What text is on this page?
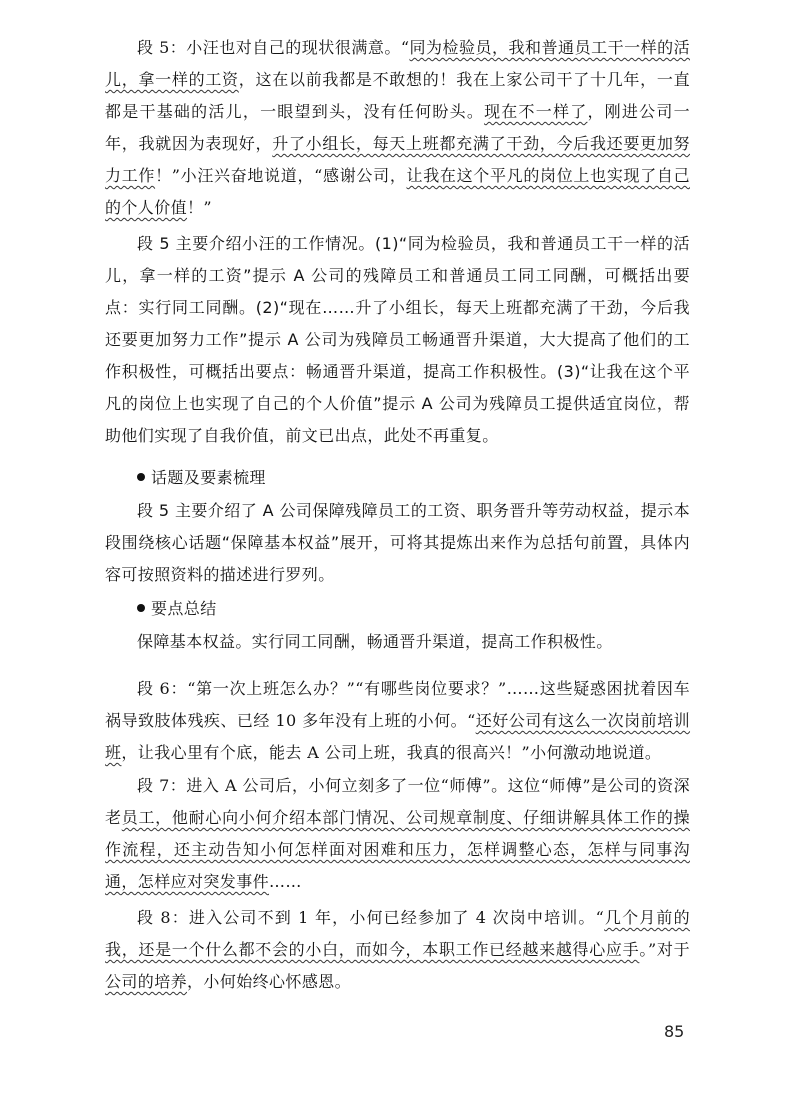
段 5：小汪也对自己的现状很满意。“同为检验员，我和普通员工干一样的活儿，拿一样的工资，这在以前我都是不敢想的！我在上家公司干了十几年，一直都是干基础的活儿，一眼望到头，没有任何盼头。现在不一样了，刚进公司一年，我就因为表现好，升了小组长，每天上班都充满了干劲，今后我还要更加努力工作！”小汪兴奋地说道，“感谢公司，让我在这个平凡的岗位上也实现了自己的个人价值！”

段 5 主要介绍小汪的工作情况。(1)“同为检验员，我和普通员工干一样的活儿，拿一样的工资”提示 A 公司的残障员工和普通员工同工同酬，可概括出要点：实行同工同酬。(2)“现在……升了小组长，每天上班都充满了干劲，今后我还要更加努力工作”提示 A 公司为残障员工畅通晋升渠道，大大提高了他们的工作积极性，可概括出要点：畅通晋升渠道，提高工作积极性。(3)“让我在这个平凡的岗位上也实现了自己的个人价值”提示 A 公司为残障员工提供适宜岗位，帮助他们实现了自我价值，前文已出点，此处不再重复。

话题及要素梳理

段 5 主要介绍了 A 公司保障残障员工的工资、职务晋升等劳动权益，提示本段围绕核心话题“保障基本权益”展开，可将其提炼出来作为总括句前置，具体内容可按照资料的描述进行罗列。

要点总结

保障基本权益。实行同工同酬，畅通晋升渠道，提高工作积极性。

段 6：“第一次上班怎么办？”“有哪些岗位要求？”……这些疑惑困扰着因车祸导致肢体残疾、已经 10 多年没有上班的小何。“还好公司有这么一次岗前培训班，让我心里有个底，能去 A 公司上班，我真的很高兴！”小何激动地说道。

段 7：进入 A 公司后，小何立刻多了一位“师傅”。这位“师傅”是公司的资深老员工，他耐心向小何介绍本部门情况、公司规章制度、仔细讲解具体工作的操作流程，还主动告知小何怎样面对困难和压力，怎样调整心态，怎样与同事沟通，怎样应对突发事件……

段 8：进入公司不到 1 年，小何已经参加了 4 次岗中培训。“几个月前的我，还是一个什么都不会的小白，而如今，本职工作已经越来越得心应手。”对于公司的培养，小何始终心怀感恩。

85
